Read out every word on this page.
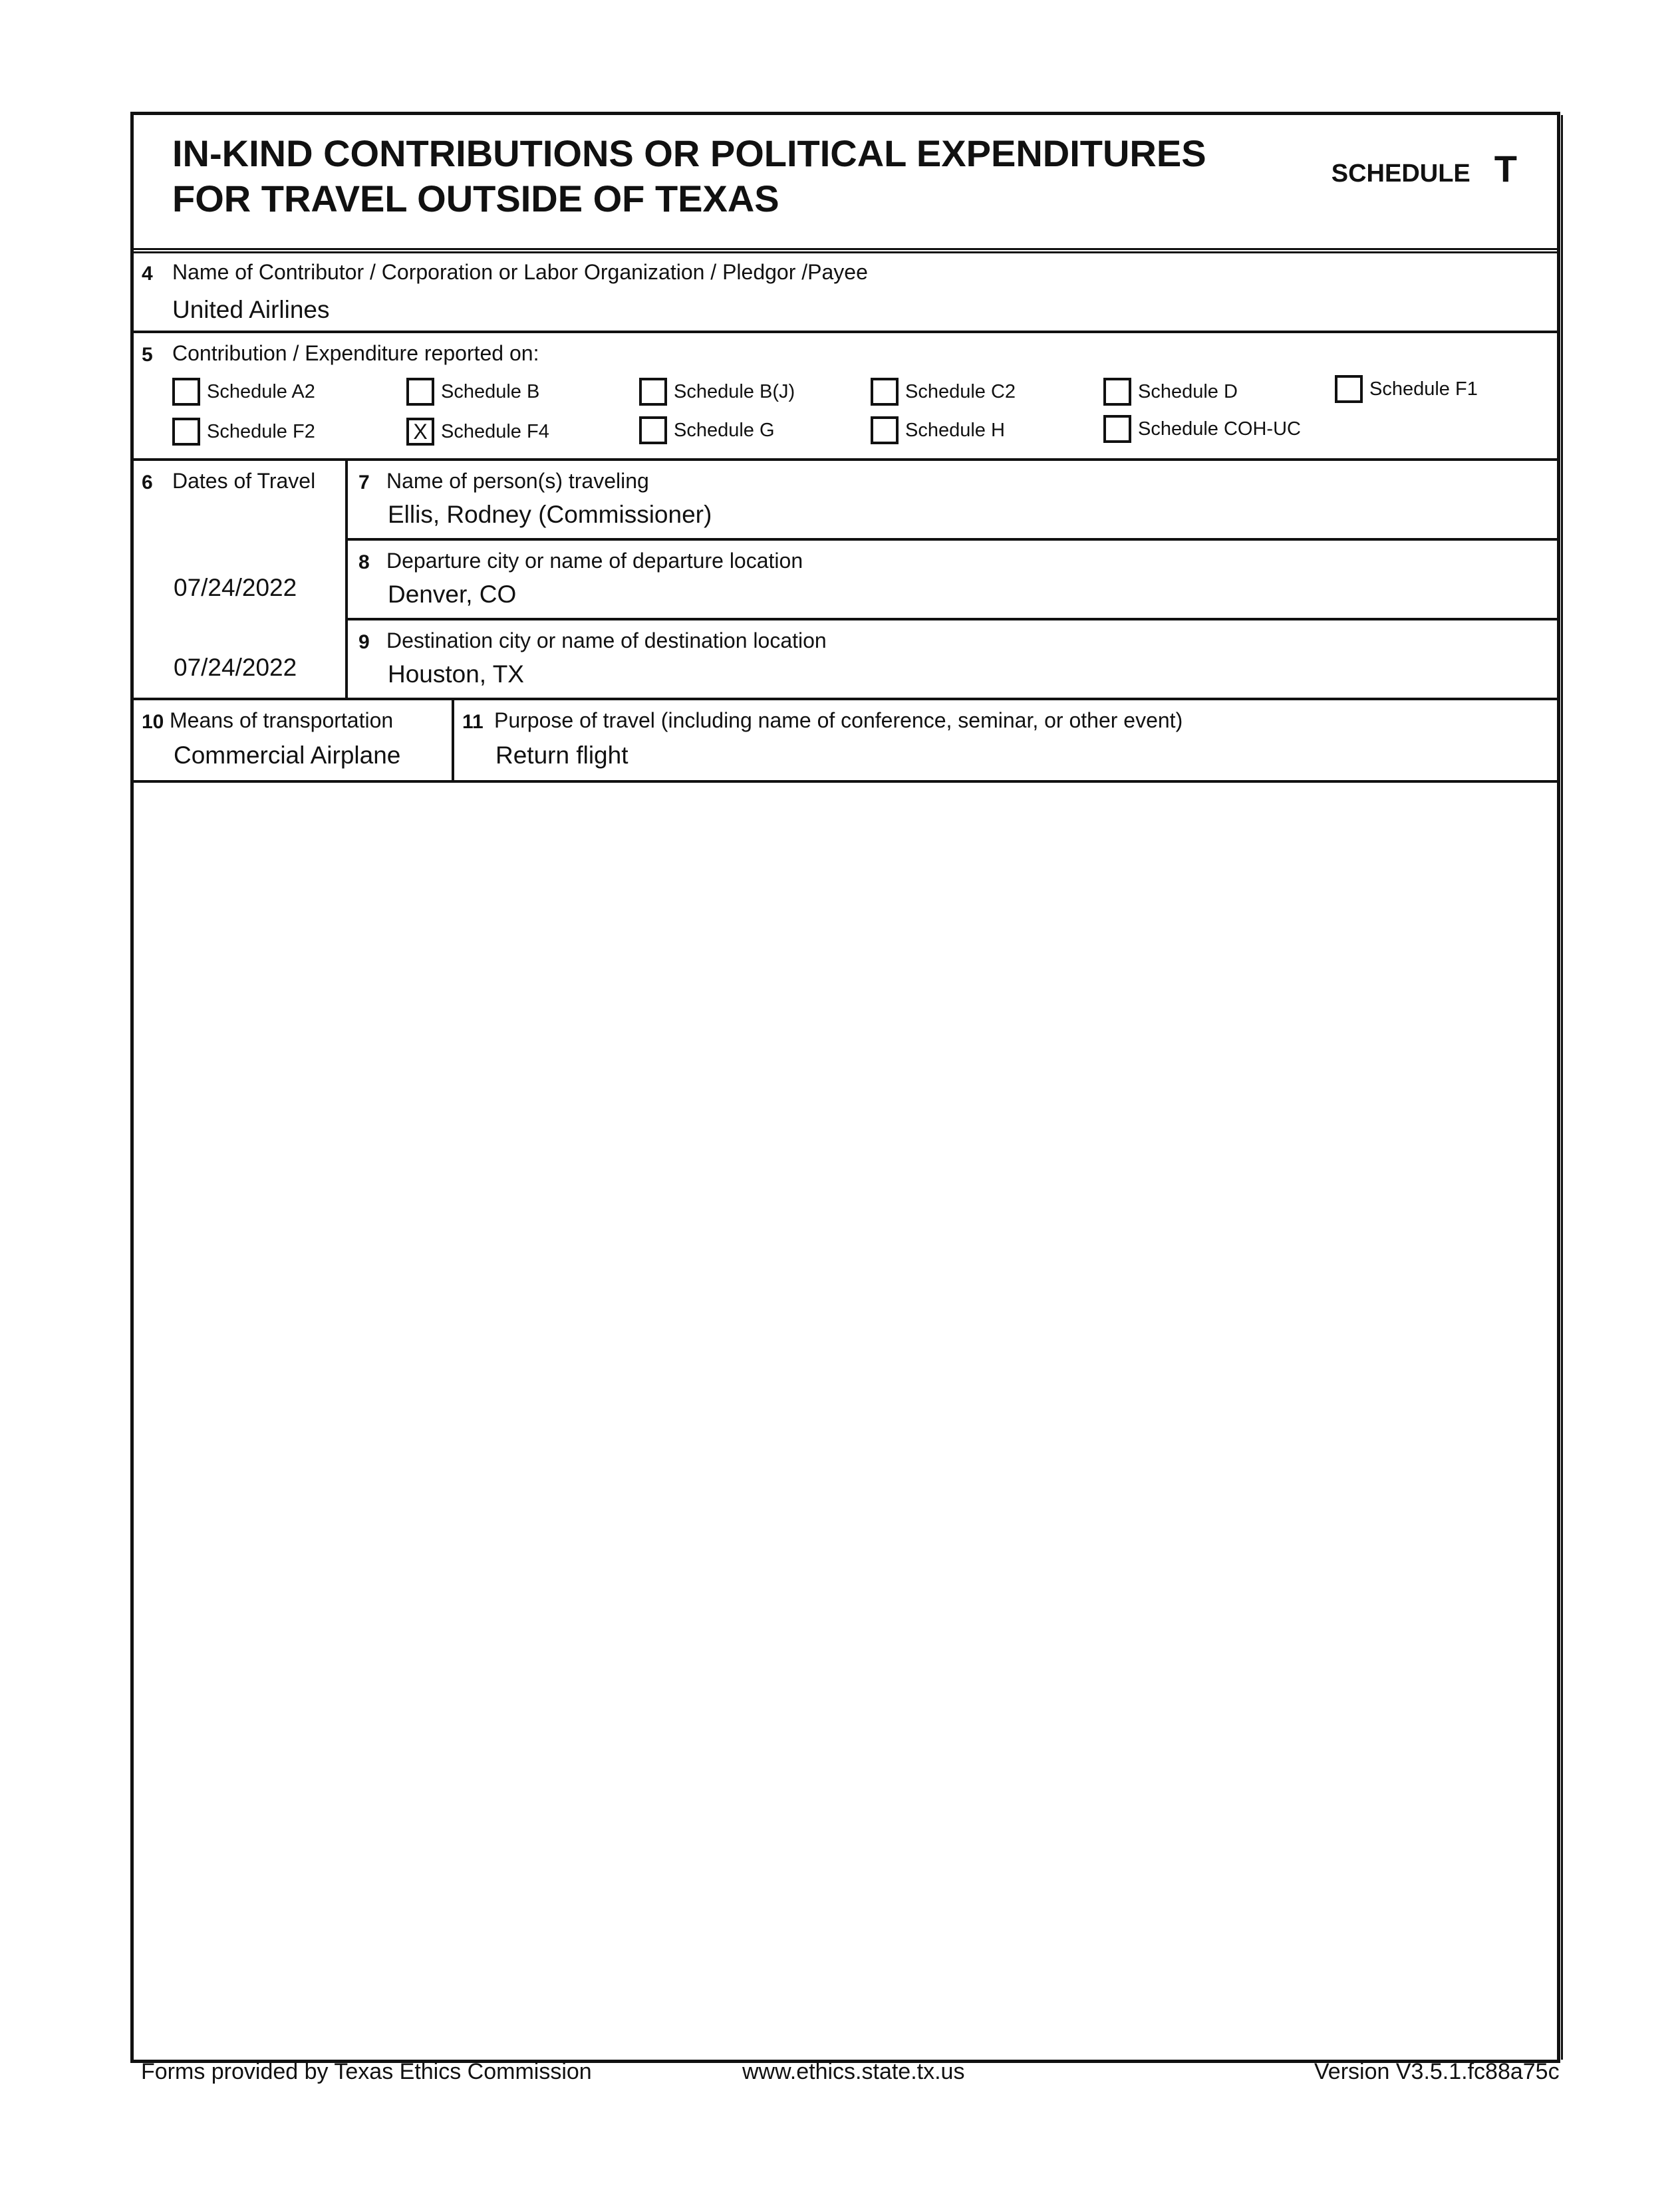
IN-KIND CONTRIBUTIONS OR POLITICAL EXPENDITURES
FOR TRAVEL OUTSIDE OF TEXAS
SCHEDULE T
4 Name of Contributor / Corporation or Labor Organization / Pledgor /Payee
United Airlines
5 Contribution / Expenditure reported on:
Schedule A2	Schedule B	Schedule B(J)	Schedule C2	Schedule D	Schedule F1
Schedule F2	X Schedule F4	Schedule G	Schedule H	Schedule COH-UC
6 Dates of Travel
07/24/2022
07/24/2022
7 Name of person(s) traveling
Ellis, Rodney (Commissioner)
8 Departure city or name of departure location
Denver, CO
9 Destination city or name of destination location
Houston, TX
10 Means of transportation
Commercial Airplane
11 Purpose of travel (including name of conference, seminar, or other event)
Return flight
Forms provided by Texas Ethics Commission	www.ethics.state.tx.us	Version V3.5.1.fc88a75c
